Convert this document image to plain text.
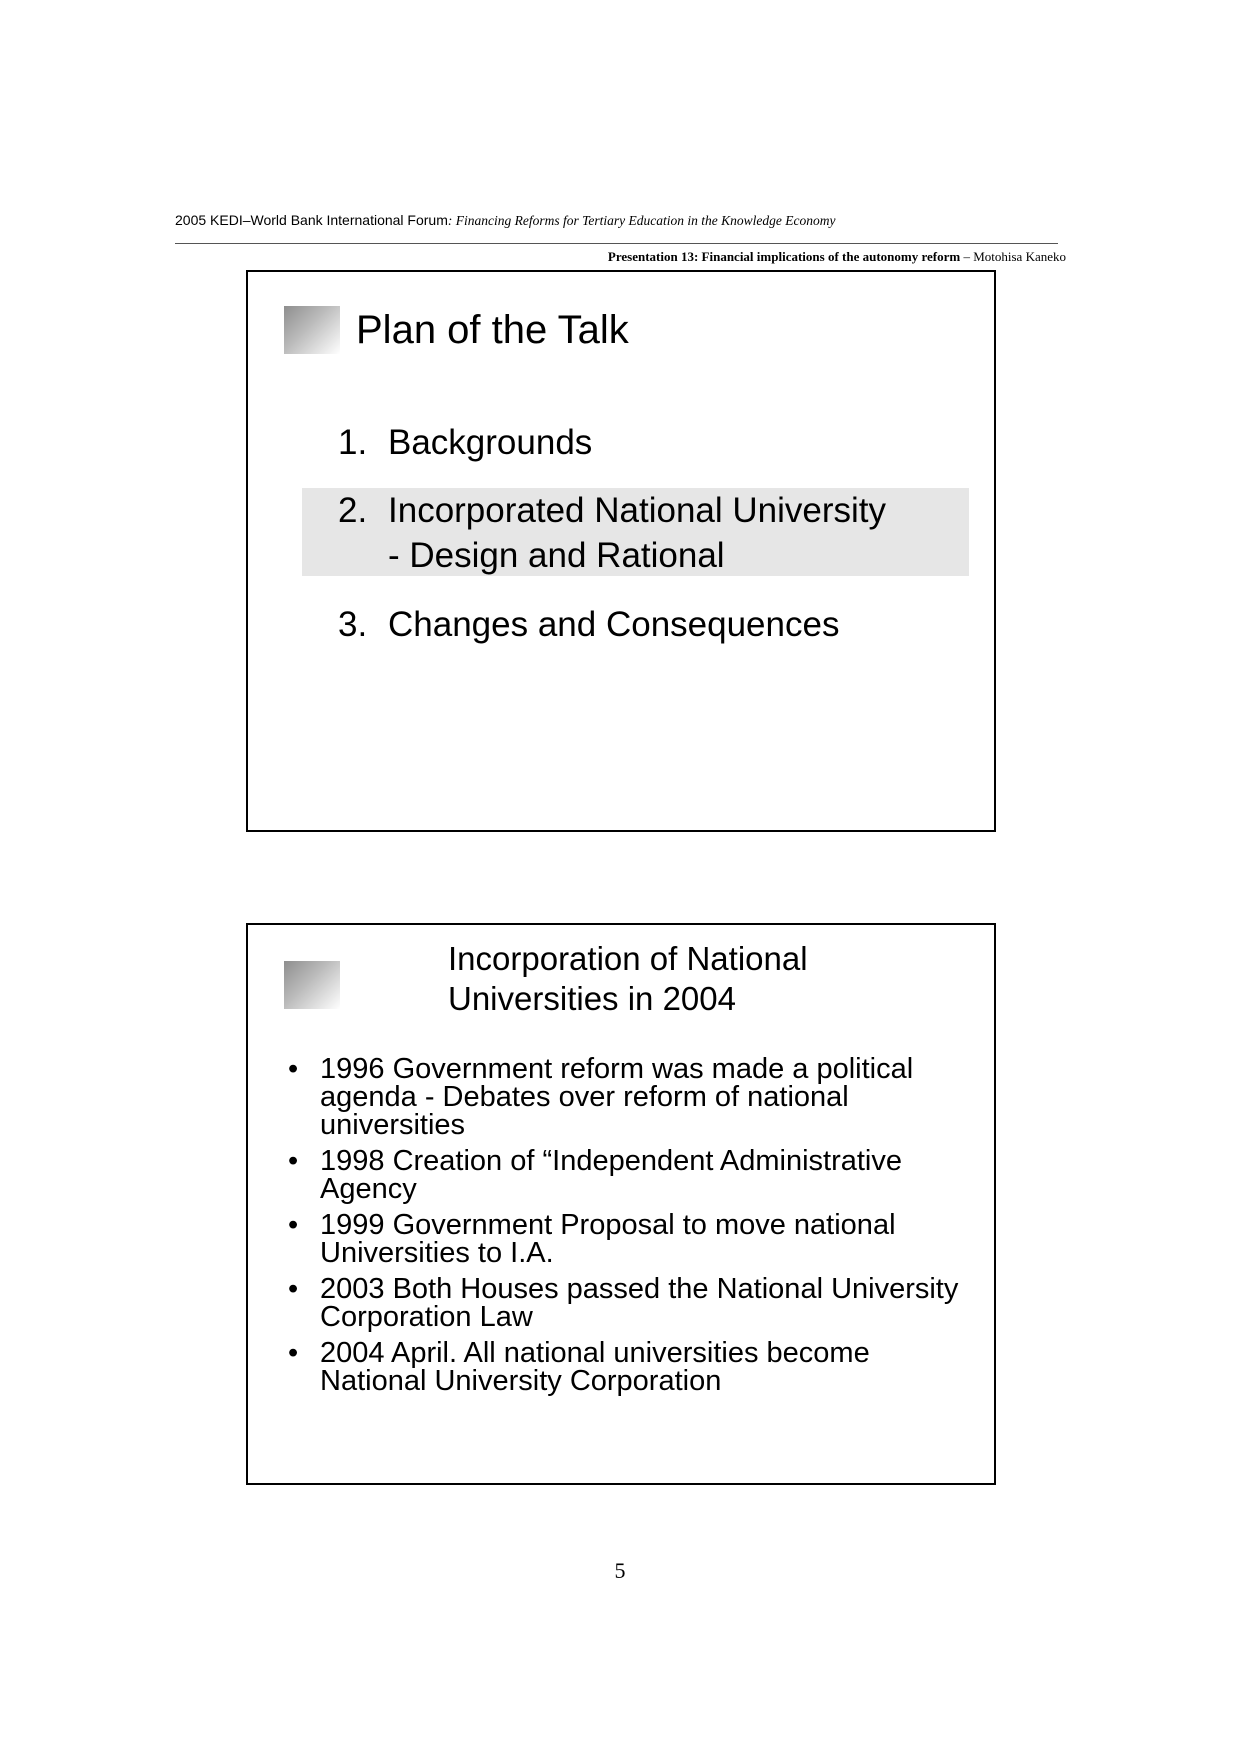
2005 KEDI–World Bank International Forum: Financing Reforms for Tertiary Education in the Knowledge Economy
Presentation 13: Financial implications of the autonomy reform – Motohisa Kaneko
Plan of the Talk
1. Backgrounds
2. Incorporated National University
- Design and Rational
3. Changes and Consequences
Incorporation of National
Universities in 2004
• 1996 Government reform was made a political agenda - Debates over reform of national universities
• 1998 Creation of “Independent Administrative Agency
• 1999 Government Proposal to move national Universities to I.A.
• 2003 Both Houses passed the National University Corporation Law
• 2004 April. All national universities become National University Corporation
5
